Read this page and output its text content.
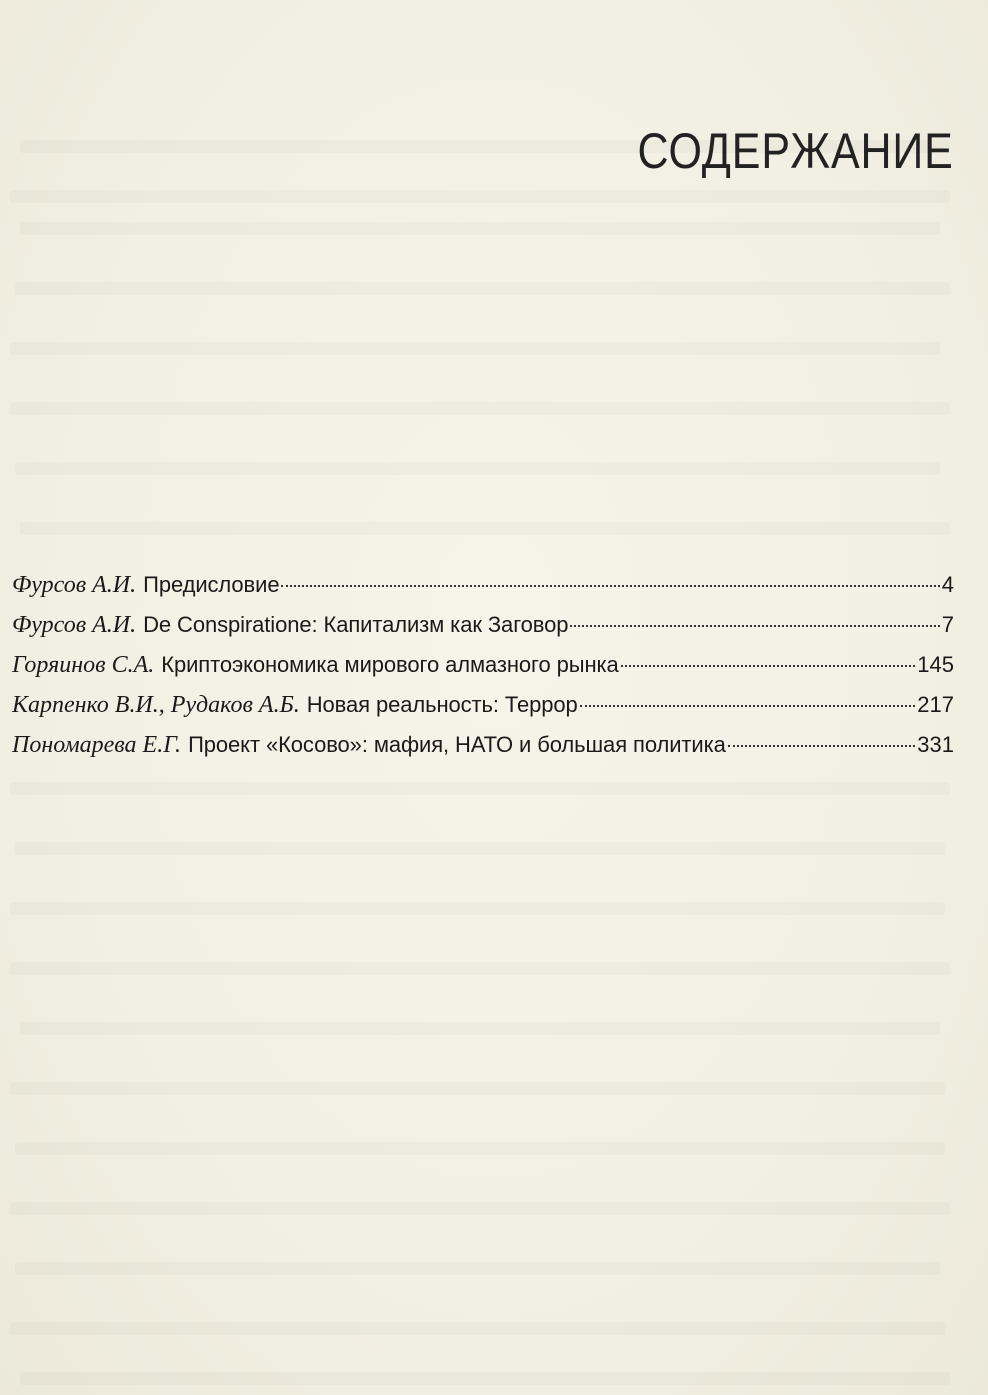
СОДЕРЖАНИЕ
Фурсов А.И. Предисловие	4
Фурсов А.И. De Conspiratione: Капитализм как Заговор	7
Горяинов С.А. Криптоэкономика мирового алмазного рынка	145
Карпенко В.И., Рудаков А.Б. Новая реальность: Террор	217
Пономарева Е.Г. Проект «Косово»: мафия, НАТО и большая политика	331
